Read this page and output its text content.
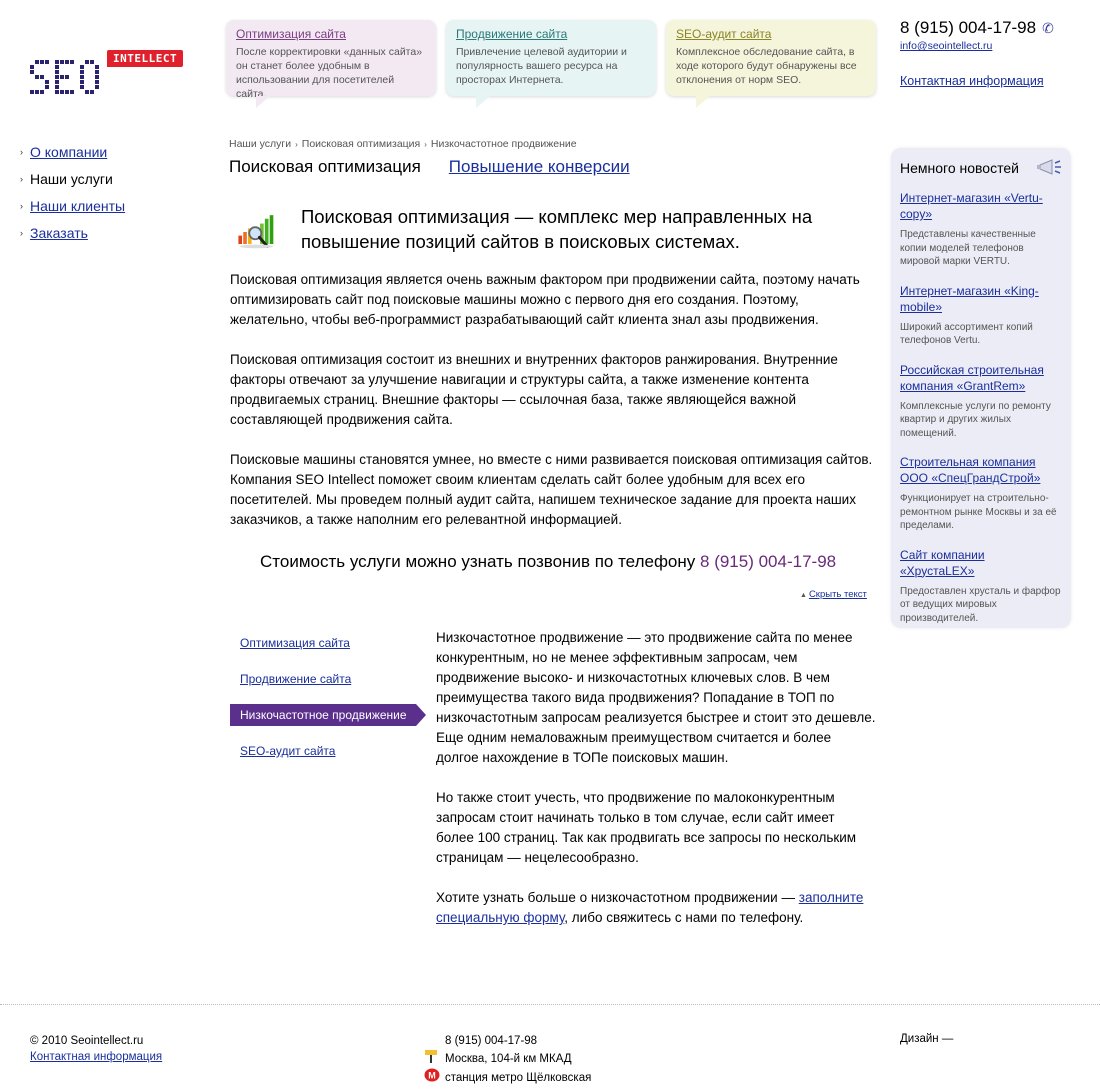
INTELLECT
Оптимизация сайта
После корректировки «данных сайта» он станет более удобным в использовании для посетителей сайта.
Продвижение сайта
Привлечение целевой аудитории и популярность вашего ресурса на просторах Интернета.
SEO-аудит сайта
Комплексное обследование сайта, в ходе которого будут обнаружены все отклонения от норм SEO.
8 (915) 004-17-98 ✆
info@seointellect.ru
Контактная информация
› О компании
› Наши услуги
› Наши клиенты
› Заказать
Наши услуги › Поисковая оптимизация › Низкочастотное продвижение
Поисковая оптимизация Повышение конверсии
Поисковая оптимизация — комплекс мер направленных на повышение позиций сайтов в поисковых системах.

Поисковая оптимизация является очень важным фактором при продвижении сайта, поэтому начать оптимизировать сайт под поисковые машины можно с первого дня его создания. Поэтому, желательно, чтобы веб-программист разрабатывающий сайт клиента знал азы продвижения.

Поисковая оптимизация состоит из внешних и внутренних факторов ранжирования. Внутренние факторы отвечают за улучшение навигации и структуры сайта, а также изменение контента продвигаемых страниц. Внешние факторы — ссылочная база, также являющейся важной составляющей продвижения сайта.

Поисковые машины становятся умнее, но вместе с ними развивается поисковая оптимизация сайтов. Компания SEO Intellect поможет своим клиентам сделать сайт более удобным для всех его посетителей. Мы проведем полный аудит сайта, напишем техническое задание для проекта наших заказчиков, а также наполним его релевантной информацией.

Стоимость услуги можно узнать позвонив по телефону 8 (915) 004-17-98
▲ Скрыть текст
Оптимизация сайта
Продвижение сайта
Низкочастотное продвижение
SEO-аудит сайта

Низкочастотное продвижение — это продвижение сайта по менее конкурентным, но не менее эффективным запросам, чем продвижение высоко- и низкочастотных ключевых слов. В чем преимущества такого вида продвижения? Попадание в ТОП по низкочастотным запросам реализуется быстрее и стоит это дешевле. Еще одним немаловажным преимуществом считается и более долгое нахождение в ТОПе поисковых машин.

Но также стоит учесть, что продвижение по малоконкурентным запросам стоит начинать только в том случае, если сайт имеет более 100 страниц. Так как продвигать все запросы по нескольким страницам — нецелесообразно.

Хотите узнать больше о низкочастотном продвижении — заполните специальную форму, либо свяжитесь с нами по телефону.

Немного новостей
Интернет-магазин «Vertu-copy»
Представлены качественные копии моделей телефонов мировой марки VERTU.
Интернет-магазин «King-mobile»
Широкий ассортимент копий телефонов Vertu.
Российская строительная компания «GrantRem»
Комплексные услуги по ремонту квартир и других жилых помещений.
Строительная компания ООО «СпецГрандСтрой»
Функционирует на строительно-ремонтном рынке Москвы и за её пределами.
Сайт компании «ХрустаLEX»
Предоставлен хрусталь и фарфор от ведущих мировых производителей.
© 2010 Seointellect.ru
Контактная информация
8 (915) 004-17-98
Москва, 104-й км МКАД
M станция метро Щёлковская
Дизайн —
